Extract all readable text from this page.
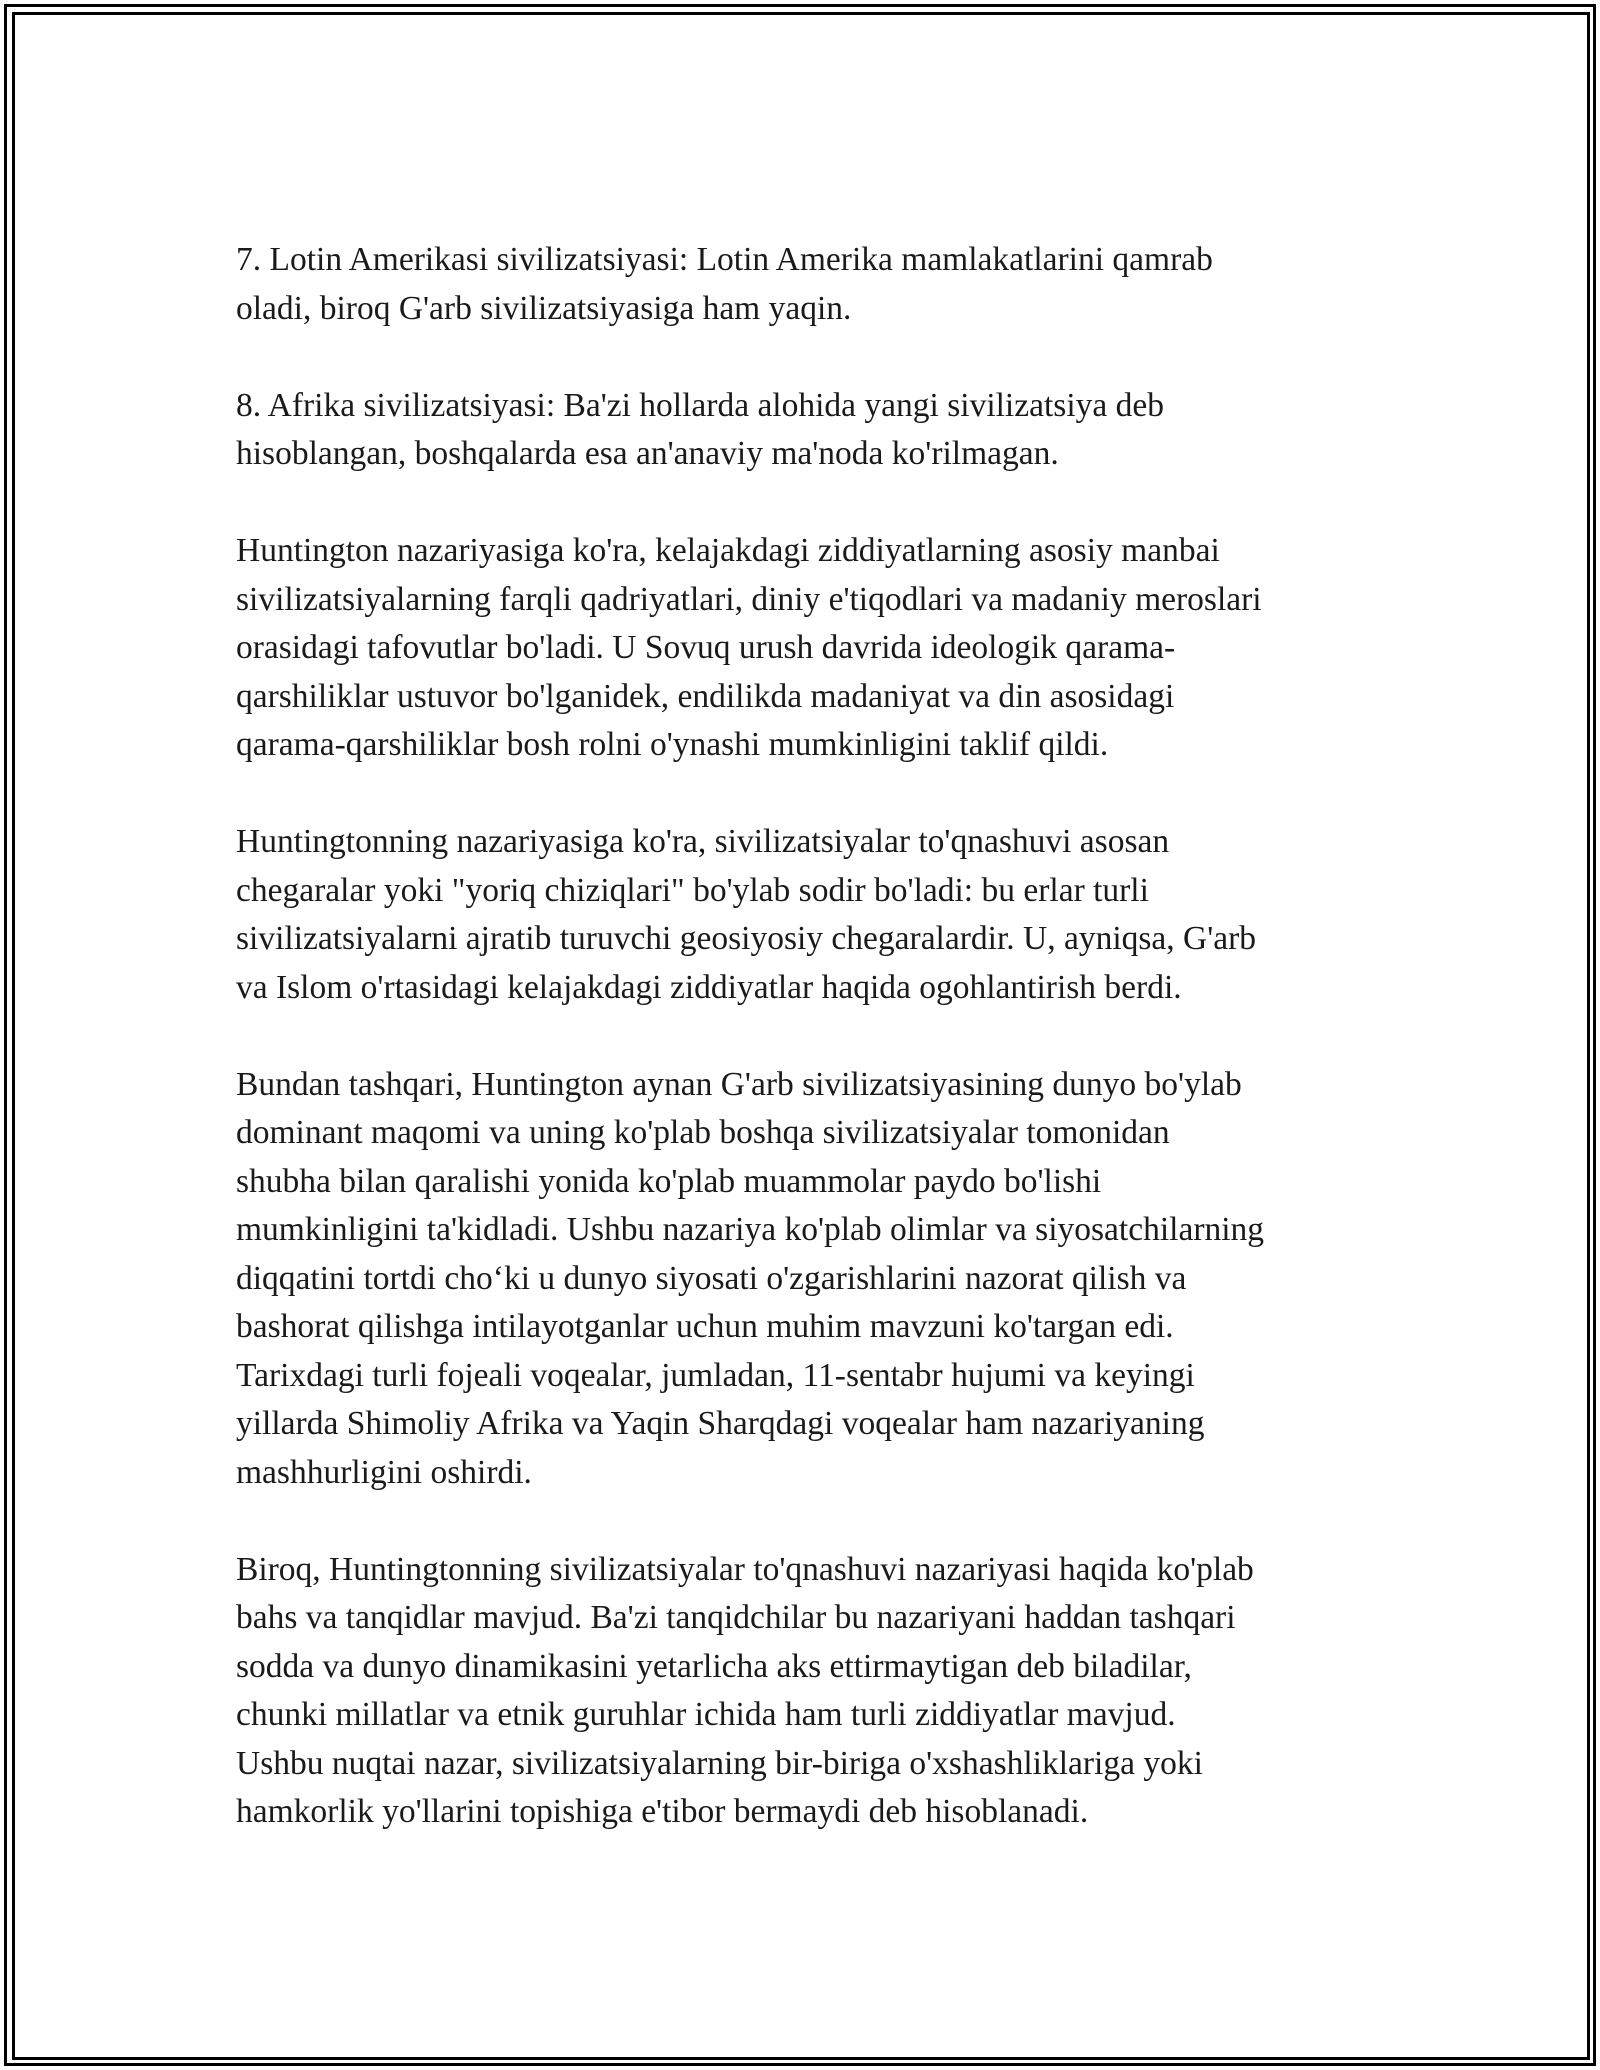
7. Lotin Amerikasi sivilizatsiyasi: Lotin Amerika mamlakatlarini qamrab
oladi, biroq G'arb sivilizatsiyasiga ham yaqin.

8. Afrika sivilizatsiyasi: Ba'zi hollarda alohida yangi sivilizatsiya deb
hisoblangan, boshqalarda esa an'anaviy ma'noda ko'rilmagan.

Huntington nazariyasiga ko'ra, kelajakdagi ziddiyatlarning asosiy manbai
sivilizatsiyalarning farqli qadriyatlari, diniy e'tiqodlari va madaniy meroslari
orasidagi tafovutlar bo'ladi. U Sovuq urush davrida ideologik qarama-
qarshiliklar ustuvor bo'lganidek, endilikda madaniyat va din asosidagi
qarama-qarshiliklar bosh rolni o'ynashi mumkinligini taklif qildi.

Huntingtonning nazariyasiga ko'ra, sivilizatsiyalar to'qnashuvi asosan
chegaralar yoki "yoriq chiziqlari" bo'ylab sodir bo'ladi: bu erlar turli
sivilizatsiyalarni ajratib turuvchi geosiyosiy chegaralardir. U, ayniqsa, G'arb
va Islom o'rtasidagi kelajakdagi ziddiyatlar haqida ogohlantirish berdi.

Bundan tashqari, Huntington aynan G'arb sivilizatsiyasining dunyo bo'ylab
dominant maqomi va uning ko'plab boshqa sivilizatsiyalar tomonidan
shubha bilan qaralishi yonida ko'plab muammolar paydo bo'lishi
mumkinligini ta'kidladi. Ushbu nazariya ko'plab olimlar va siyosatchilarning
diqqatini tortdi cho‘ki u dunyo siyosati o'zgarishlarini nazorat qilish va
bashorat qilishga intilayotganlar uchun muhim mavzuni ko'targan edi.
Tarixdagi turli fojeali voqealar, jumladan, 11-sentabr hujumi va keyingi
yillarda Shimoliy Afrika va Yaqin Sharqdagi voqealar ham nazariyaning
mashhurligini oshirdi.

Biroq, Huntingtonning sivilizatsiyalar to'qnashuvi nazariyasi haqida ko'plab
bahs va tanqidlar mavjud. Ba'zi tanqidchilar bu nazariyani haddan tashqari
sodda va dunyo dinamikasini yetarlicha aks ettirmaytigan deb biladilar,
chunki millatlar va etnik guruhlar ichida ham turli ziddiyatlar mavjud.
Ushbu nuqtai nazar, sivilizatsiyalarning bir-biriga o'xshashliklariga yoki
hamkorlik yo'llarini topishiga e'tibor bermaydi deb hisoblanadi.
